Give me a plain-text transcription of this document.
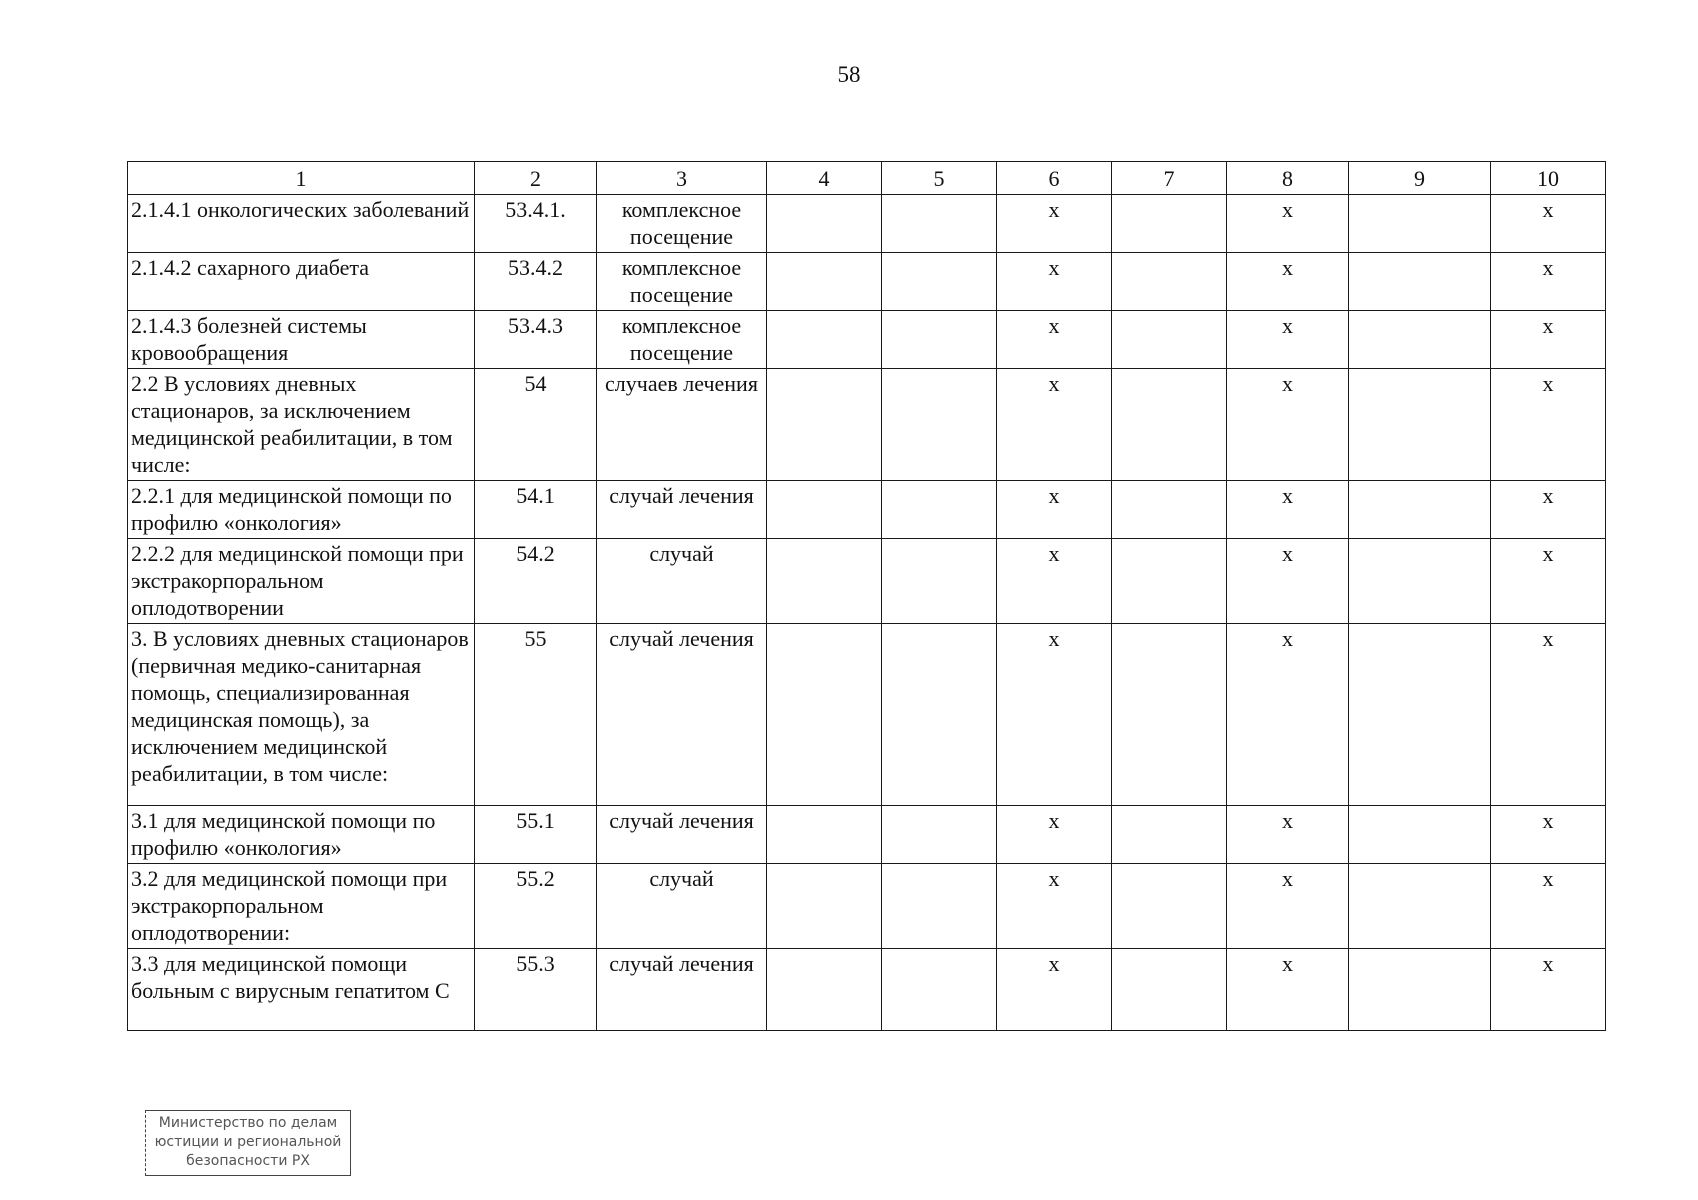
58
1	2	3	4	5	6	7	8	9	10
2.1.4.1 онкологических заболеваний	53.4.1.	комплексное посещение			x		x		x
2.1.4.2 сахарного диабета	53.4.2	комплексное посещение			x		x		x
2.1.4.3 болезней системы кровообращения	53.4.3	комплексное посещение			x		x		x
2.2 В условиях дневных стационаров, за исключением медицинской реабилитации, в том числе:	54	случаев лечения			x		x		x
2.2.1 для медицинской помощи по профилю «онкология»	54.1	случай лечения			x		x		x
2.2.2 для медицинской помощи при экстракорпоральном оплодотворении	54.2	случай			x		x		x
3. В условиях дневных стационаров (первичная медико-санитарная помощь, специализированная медицинская помощь), за исключением медицинской реабилитации, в том числе:	55	случай лечения			x		x		x
3.1 для медицинской помощи по профилю «онкология»	55.1	случай лечения			x		x		x
3.2 для медицинской помощи при экстракорпоральном оплодотворении:	55.2	случай			x		x		x
3.3 для медицинской помощи больным с вирусным гепатитом С	55.3	случай лечения			x		x		x
Министерство по делам
юстиции и региональной
безопасности РХ
